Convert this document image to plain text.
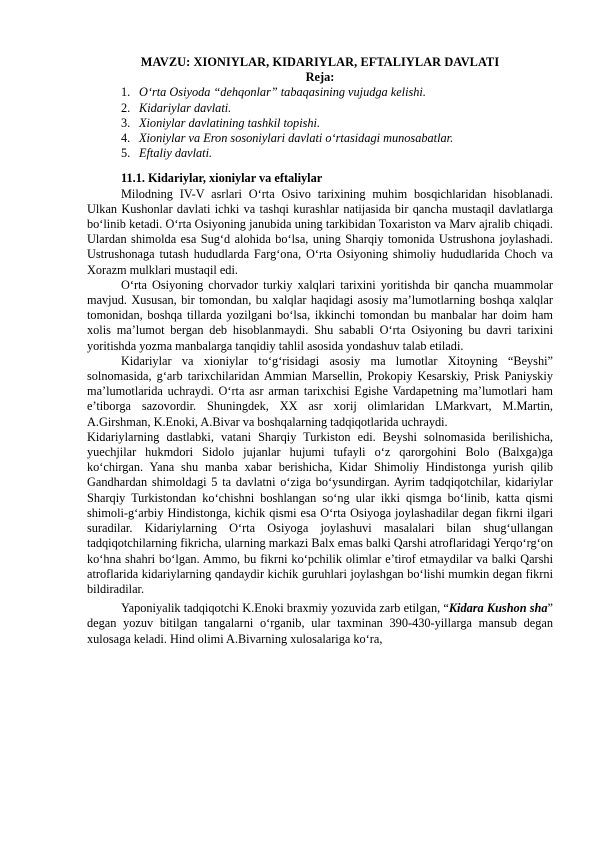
MAVZU: XIONIYLAR, KIDARIYLAR, EFTALIYLAR DAVLATI
Reja:
1. O‘rta Osiyoda “dehqonlar” tabaqasining vujudga kelishi.
2. Kidariylar davlati.
3. Xioniylar davlatining tashkil topishi.
4. Xioniylar va Eron sosoniylari davlati o‘rtasidagi munosabatlar.
5. Eftaliy davlati.
11.1. Kidariylar, xioniylar va eftaliylar

Milodning IV-V asrlari O‘rta Osivo tarixining muhim bosqichlaridan hisoblanadi. Ulkan Kushonlar davlati ichki va tashqi kurashlar natijasida bir qancha mustaqil davlatlarga bo‘linib ketadi. O‘rta Osiyoning janubida uning tarkibidan Toxariston va Marv ajralib chiqadi. Ulardan shimolda esa Sug‘d alohida bo‘lsa, uning Sharqiy tomonida Ustrushona joylashadi. Ustrushonaga tutash hududlarda Farg‘ona, O‘rta Osiyoning shimoliy hududlarida Choch va Xorazm mulklari mustaqil edi.

O‘rta Osiyoning chorvador turkiy xalqlari tarixini yoritishda bir qancha muammolar mavjud. Xususan, bir tomondan, bu xalqlar haqidagi asosiy ma’lumotlarning boshqa xalqlar tomonidan, boshqa tillarda yozilgani bo‘lsa, ikkinchi tomondan bu manbalar har doim ham xolis ma’lumot bergan deb hisoblanmaydi. Shu sababli O‘rta Osiyoning bu davri tarixini yoritishda yozma manbalarga tanqidiy tahlil asosida yondashuv talab etiladi.

Kidariylar va xioniylar to‘g‘risidagi asosiy ma lumotlar Xitoyning “Beyshi” solnomasida, g‘arb tarixchilaridan Ammian Marsellin, Prokopiy Kesarskiy, Prisk Paniyskiy ma’lumotlarida uchraydi. O‘rta asr arman tarixchisi Egishe Vardapetning ma’lumotlari ham e’tiborga sazovordir. Shuningdek, XX asr xorij olimlaridan LMarkvart, M.Martin, A.Girshman, K.Enoki, A.Bivar va boshqalarning tadqiqotlarida uchraydi.

Kidariylarning dastlabki, vatani Sharqiy Turkiston edi. Beyshi solnomasida berilishicha, yuechjilar hukmdori Sidolo jujanlar hujumi tufayli o‘z qarorgohini Bolo (Balxga)ga ko‘chirgan. Yana shu manba xabar berishicha, Kidar Shimoliy Hindistonga yurish qilib Gandhardan shimoldagi 5 ta davlatni o‘ziga bo‘ysundirgan. Ayrim tadqiqotchilar, kidariylar Sharqiy Turkistondan ko‘chishni boshlangan so‘ng ular ikki qismga bo‘linib, katta qismi shimoli-g‘arbiy Hindistonga, kichik qismi esa O‘rta Osiyoga joylashadilar degan fikrni ilgari suradilar. Kidariylarning O‘rta Osiyoga joylashuvi masalalari bilan shug‘ullangan tadqiqotchilarning fikricha, ularning markazi Balx emas balki Qarshi atroflaridagi Yerqo‘rg‘on ko‘hna shahri bo‘lgan. Ammo, bu fikrni ko‘pchilik olimlar e’tirof etmaydilar va balki Qarshi atroflarida kidariylarning qandaydir kichik guruhlari joylashgan bo‘lishi mumkin degan fikrni bildiradilar.

Yaponiyalik tadqiqotchi K.Enoki braxmiy yozuvida zarb etilgan, “Kidara Kushon sha” degan yozuv bitilgan tangalarni o‘rganib, ular taxminan 390-430-yillarga mansub degan xulosaga keladi. Hind olimi A.Bivarning xulosalariga ko‘ra,
